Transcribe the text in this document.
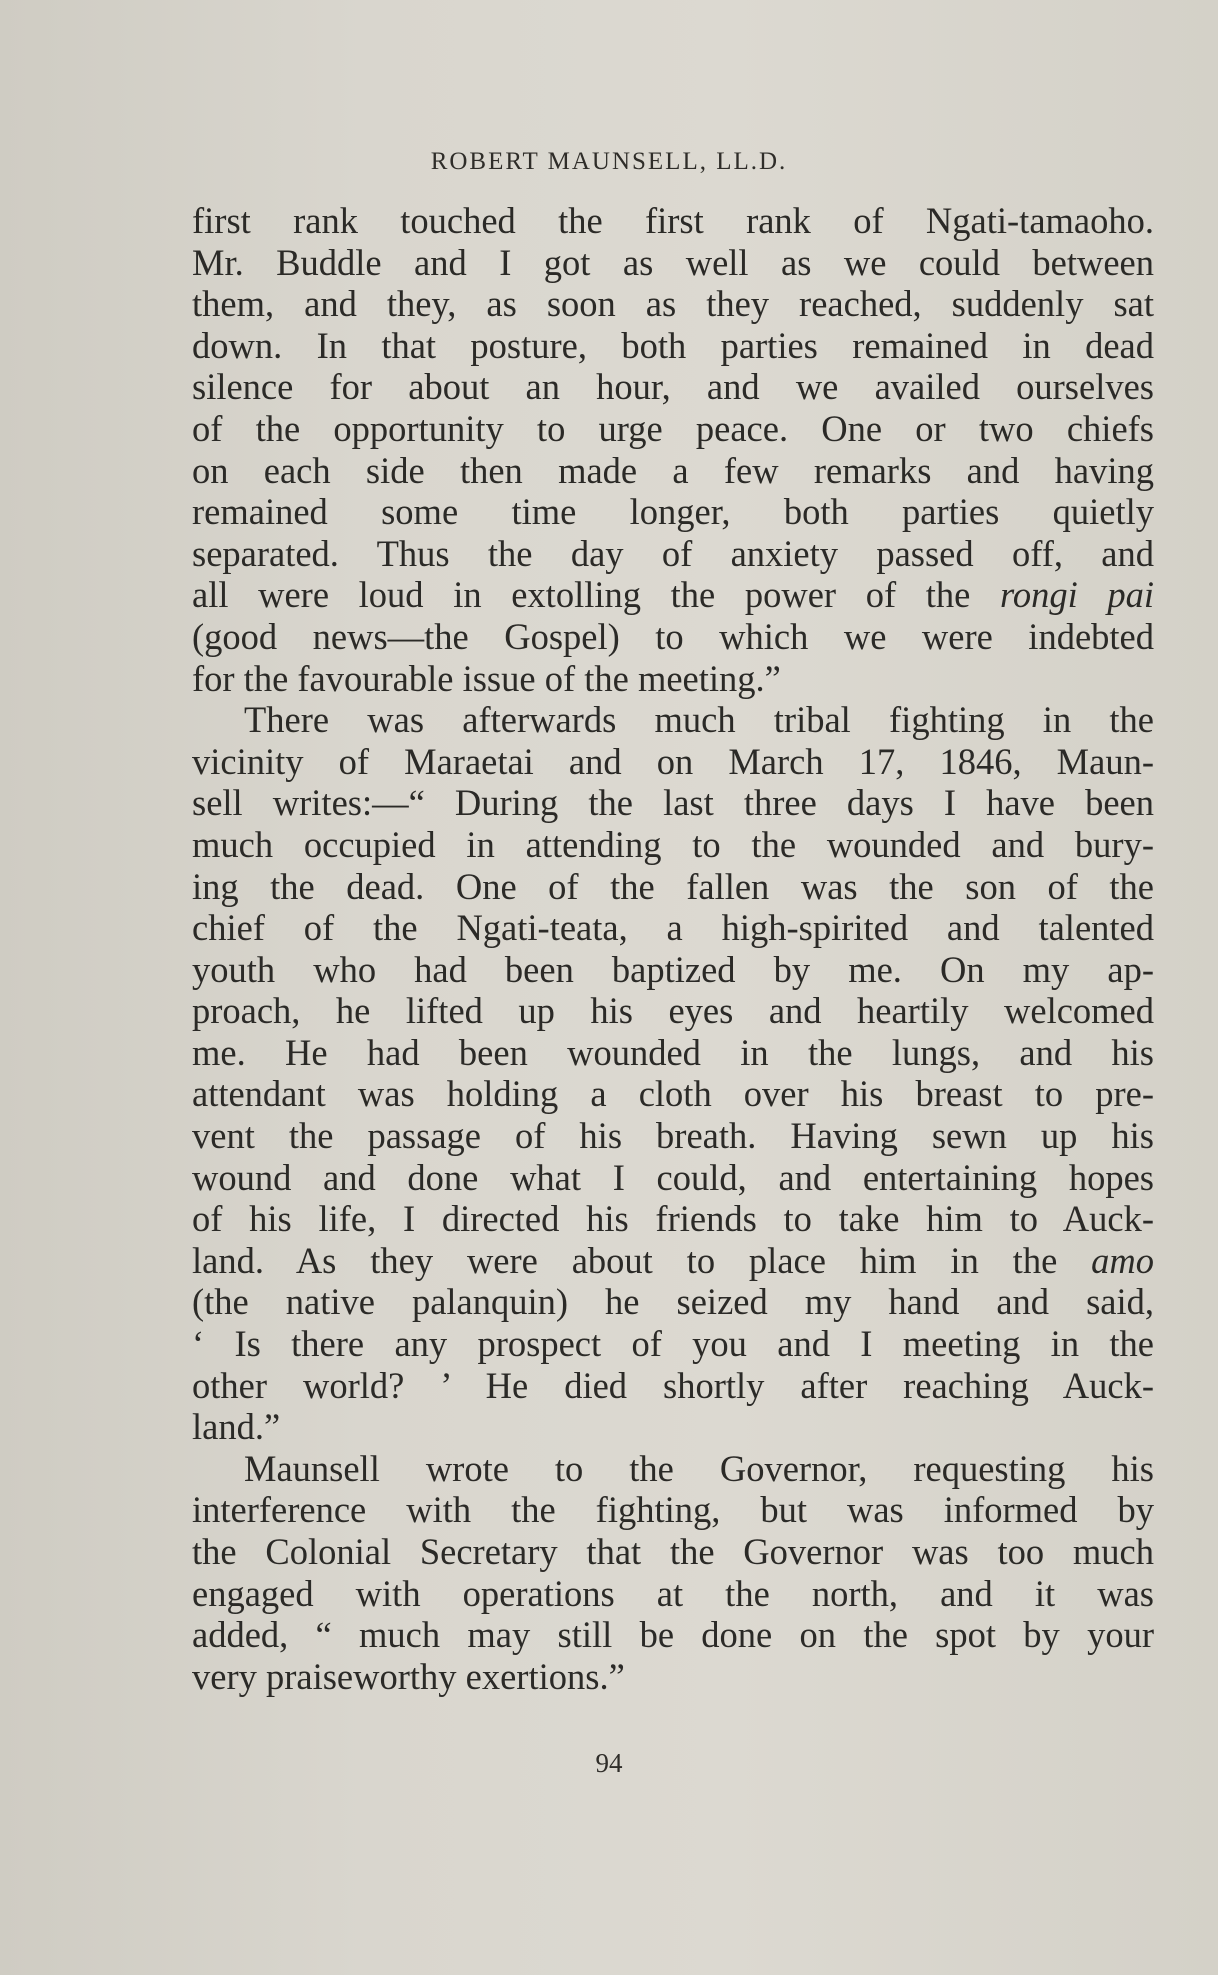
ROBERT MAUNSELL, LL.D.

first rank touched the first rank of Ngati-tamaoho.
Mr. Buddle and I got as well as we could between
them, and they, as soon as they reached, suddenly sat
down. In that posture, both parties remained in dead
silence for about an hour, and we availed ourselves
of the opportunity to urge peace. One or two chiefs
on each side then made a few remarks and having
remained some time longer, both parties quietly
separated. Thus the day of anxiety passed off, and
all were loud in extolling the power of the rongi pai
(good news—the Gospel) to which we were indebted
for the favourable issue of the meeting.”

There was afterwards much tribal fighting in the
vicinity of Maraetai and on March 17, 1846, Maun-
sell writes:—“ During the last three days I have been
much occupied in attending to the wounded and bury-
ing the dead. One of the fallen was the son of the
chief of the Ngati-teata, a high-spirited and talented
youth who had been baptized by me. On my ap-
proach, he lifted up his eyes and heartily welcomed
me. He had been wounded in the lungs, and his
attendant was holding a cloth over his breast to pre-
vent the passage of his breath. Having sewn up his
wound and done what I could, and entertaining hopes
of his life, I directed his friends to take him to Auck-
land. As they were about to place him in the amo
(the native palanquin) he seized my hand and said,
‘ Is there any prospect of you and I meeting in the
other world? ’ He died shortly after reaching Auck-
land.”

Maunsell wrote to the Governor, requesting his
interference with the fighting, but was informed by
the Colonial Secretary that the Governor was too much
engaged with operations at the north, and it was
added, “ much may still be done on the spot by your
very praiseworthy exertions.”

94
